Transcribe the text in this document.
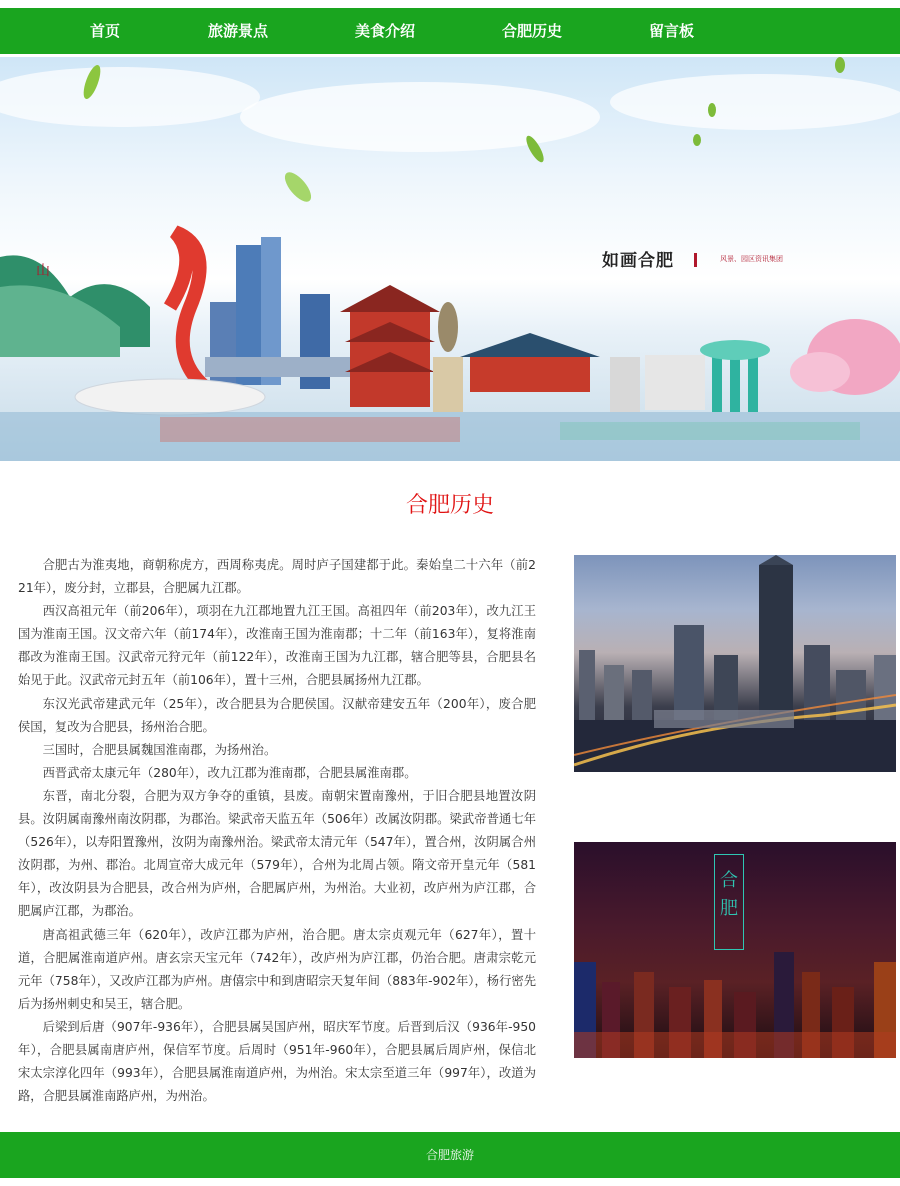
首页	旅游景点	美食介绍	合肥历史	留言板
山	如画合肥	风景、园区资讯集团
合肥历史

合肥古为淮夷地，商朝称虎方，西周称夷虎。周时庐子国建都于此。秦始皇二十六年（前221年），废分封，立郡县，合肥属九江郡。

西汉高祖元年（前206年），项羽在九江郡地置九江王国。高祖四年（前203年），改九江王国为淮南王国。汉文帝六年（前174年），改淮南王国为淮南郡；十二年（前163年），复将淮南郡改为淮南王国。汉武帝元狩元年（前122年），改淮南王国为九江郡，辖合肥等县，合肥县名始见于此。汉武帝元封五年（前106年），置十三州，合肥县属扬州九江郡。

东汉光武帝建武元年（25年），改合肥县为合肥侯国。汉献帝建安五年（200年），废合肥侯国，复改为合肥县，扬州治合肥。

三国时，合肥县属魏国淮南郡，为扬州治。

西晋武帝太康元年（280年），改九江郡为淮南郡，合肥县属淮南郡。

东晋，南北分裂，合肥为双方争夺的重镇，县废。南朝宋置南豫州，于旧合肥县地置汝阴县。汝阴属南豫州南汝阴郡，为郡治。梁武帝天监五年（506年）改属汝阴郡。梁武帝普通七年（526年），以寿阳置豫州，汝阴为南豫州治。梁武帝太清元年（547年），置合州，汝阴属合州汝阴郡，为州、郡治。北周宣帝大成元年（579年），合州为北周占领。隋文帝开皇元年（581年），改汝阴县为合肥县，改合州为庐州，合肥属庐州，为州治。大业初，改庐州为庐江郡，合肥属庐江郡，为郡治。

唐高祖武德三年（620年），改庐江郡为庐州，治合肥。唐太宗贞观元年（627年），置十道，合肥属淮南道庐州。唐玄宗天宝元年（742年），改庐州为庐江郡，仍治合肥。唐肃宗乾元元年（758年），又改庐江郡为庐州。唐僖宗中和到唐昭宗天复年间（883年-902年），杨行密先后为扬州刺史和吴王，辖合肥。

后梁到后唐（907年-936年），合肥县属吴国庐州，昭庆军节度。后晋到后汉（936年-950年），合肥县属南唐庐州，保信军节度。后周时（951年-960年），合肥县属后周庐州，保信北宋太宗淳化四年（993年），合肥县属淮南道庐州，为州治。宋太宗至道三年（997年），改道为路，合肥县属淮南路庐州，为州治。

合肥
合肥旅游
